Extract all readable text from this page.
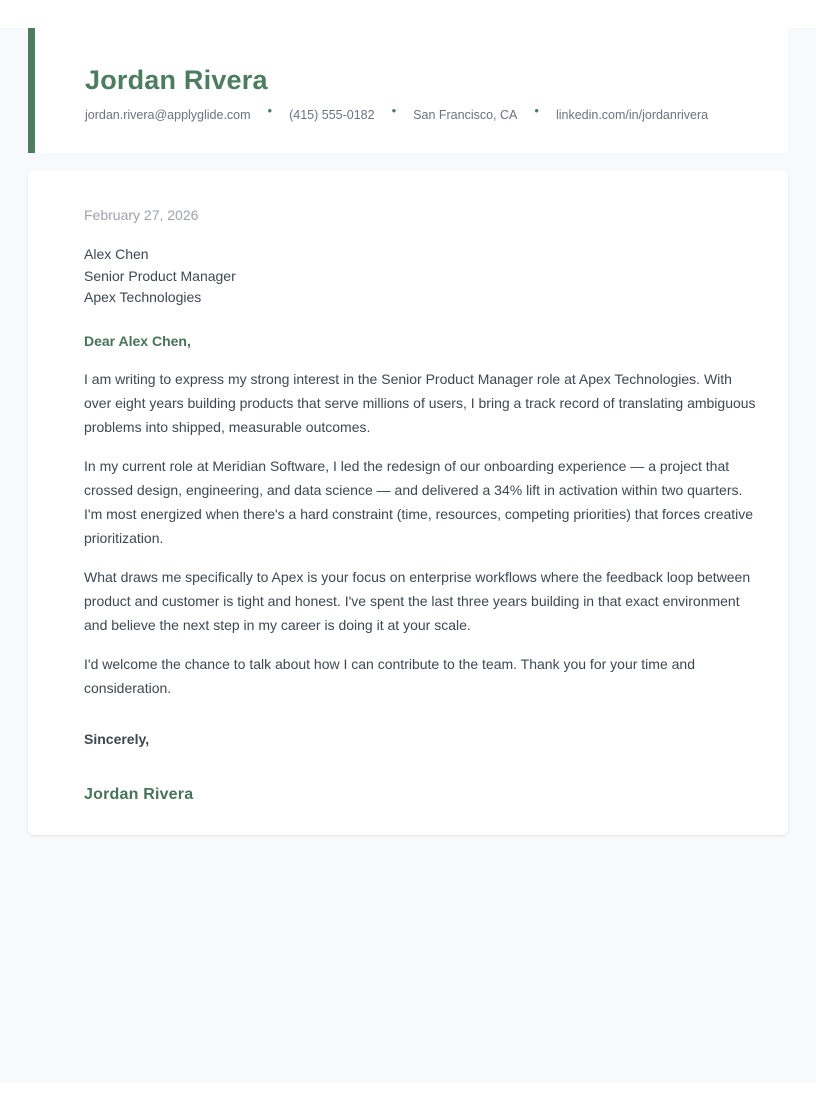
Jordan Rivera
jordan.rivera@applyglide.com • (415) 555-0182 • San Francisco, CA • linkedin.com/in/jordanrivera

February 27, 2026

Alex Chen
Senior Product Manager
Apex Technologies

Dear Alex Chen,

I am writing to express my strong interest in the Senior Product Manager role at Apex Technologies. With over eight years building products that serve millions of users, I bring a track record of translating ambiguous problems into shipped, measurable outcomes.

In my current role at Meridian Software, I led the redesign of our onboarding experience — a project that crossed design, engineering, and data science — and delivered a 34% lift in activation within two quarters. I'm most energized when there's a hard constraint (time, resources, competing priorities) that forces creative prioritization.

What draws me specifically to Apex is your focus on enterprise workflows where the feedback loop between product and customer is tight and honest. I've spent the last three years building in that exact environment and believe the next step in my career is doing it at your scale.

I'd welcome the chance to talk about how I can contribute to the team. Thank you for your time and consideration.

Sincerely,

Jordan Rivera
